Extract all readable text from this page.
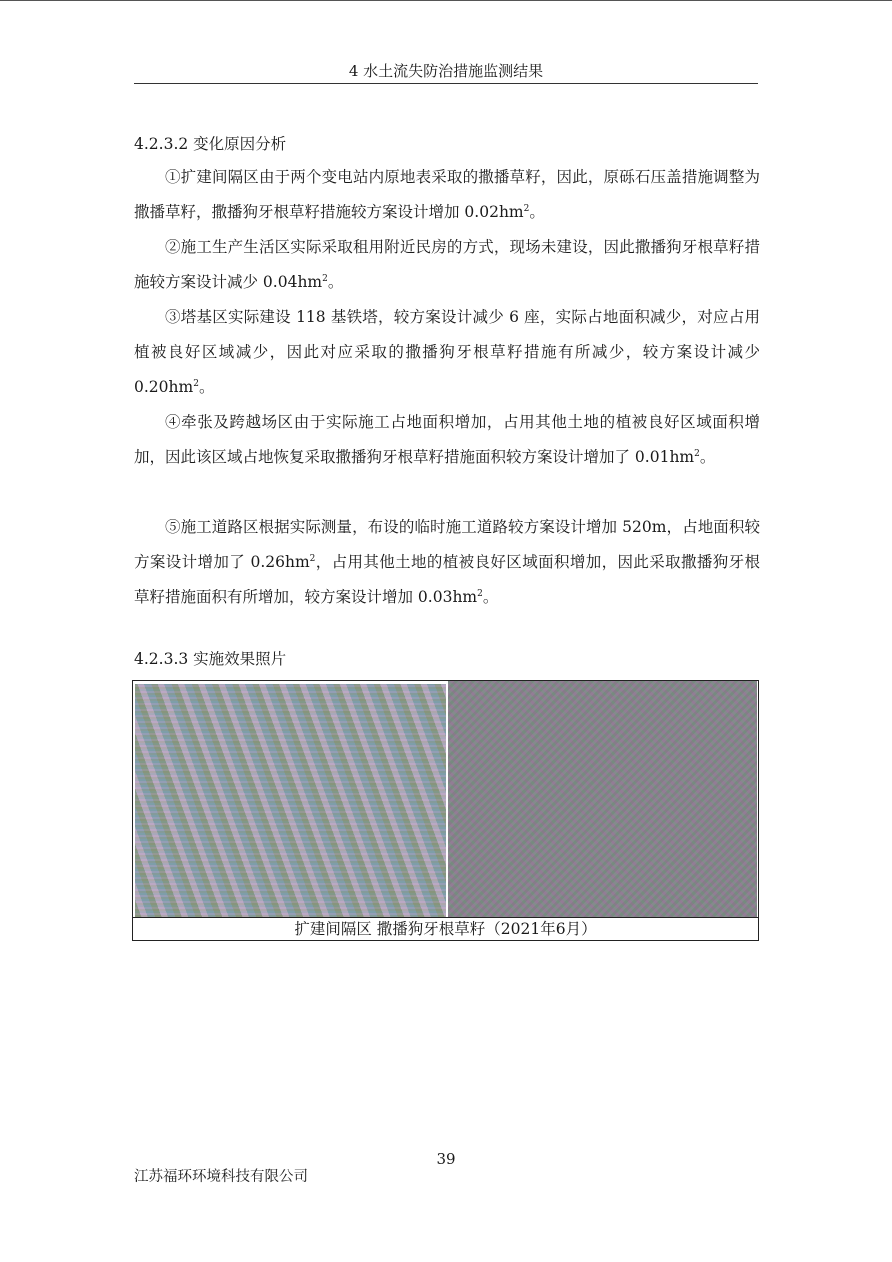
4 水土流失防治措施监测结果
4.2.3.2 变化原因分析
①扩建间隔区由于两个变电站内原地表采取的撒播草籽，因此，原砾石压盖措施调整为撒播草籽，撒播狗牙根草籽措施较方案设计增加 $0.02hm^2$。
②施工生产生活区实际采取租用附近民房的方式，现场未建设，因此撒播狗牙根草籽措施较方案设计减少 $0.04hm^2$。
③塔基区实际建设 118 基铁塔，较方案设计减少 6 座，实际占地面积减少，对应占用植被良好区域减少，因此对应采取的撒播狗牙根草籽措施有所减少，较方案设计减少 $0.20hm^2$。
④牵张及跨越场区由于实际施工占地面积增加，占用其他土地的植被良好区域面积增加，因此该区域占地恢复采取撒播狗牙根草籽措施面积较方案设计增加了 $0.01hm^2$。
⑤施工道路区根据实际测量，布设的临时施工道路较方案设计增加 520m，占地面积较方案设计增加了 $0.26hm^2$，占用其他土地的植被良好区域面积增加，因此采取撒播狗牙根草籽措施面积有所增加，较方案设计增加 $0.03hm^2$。
4.2.3.3 实施效果照片
扩建间隔区 撒播狗牙根草籽（2021年6月）
39
江苏福环环境科技有限公司
